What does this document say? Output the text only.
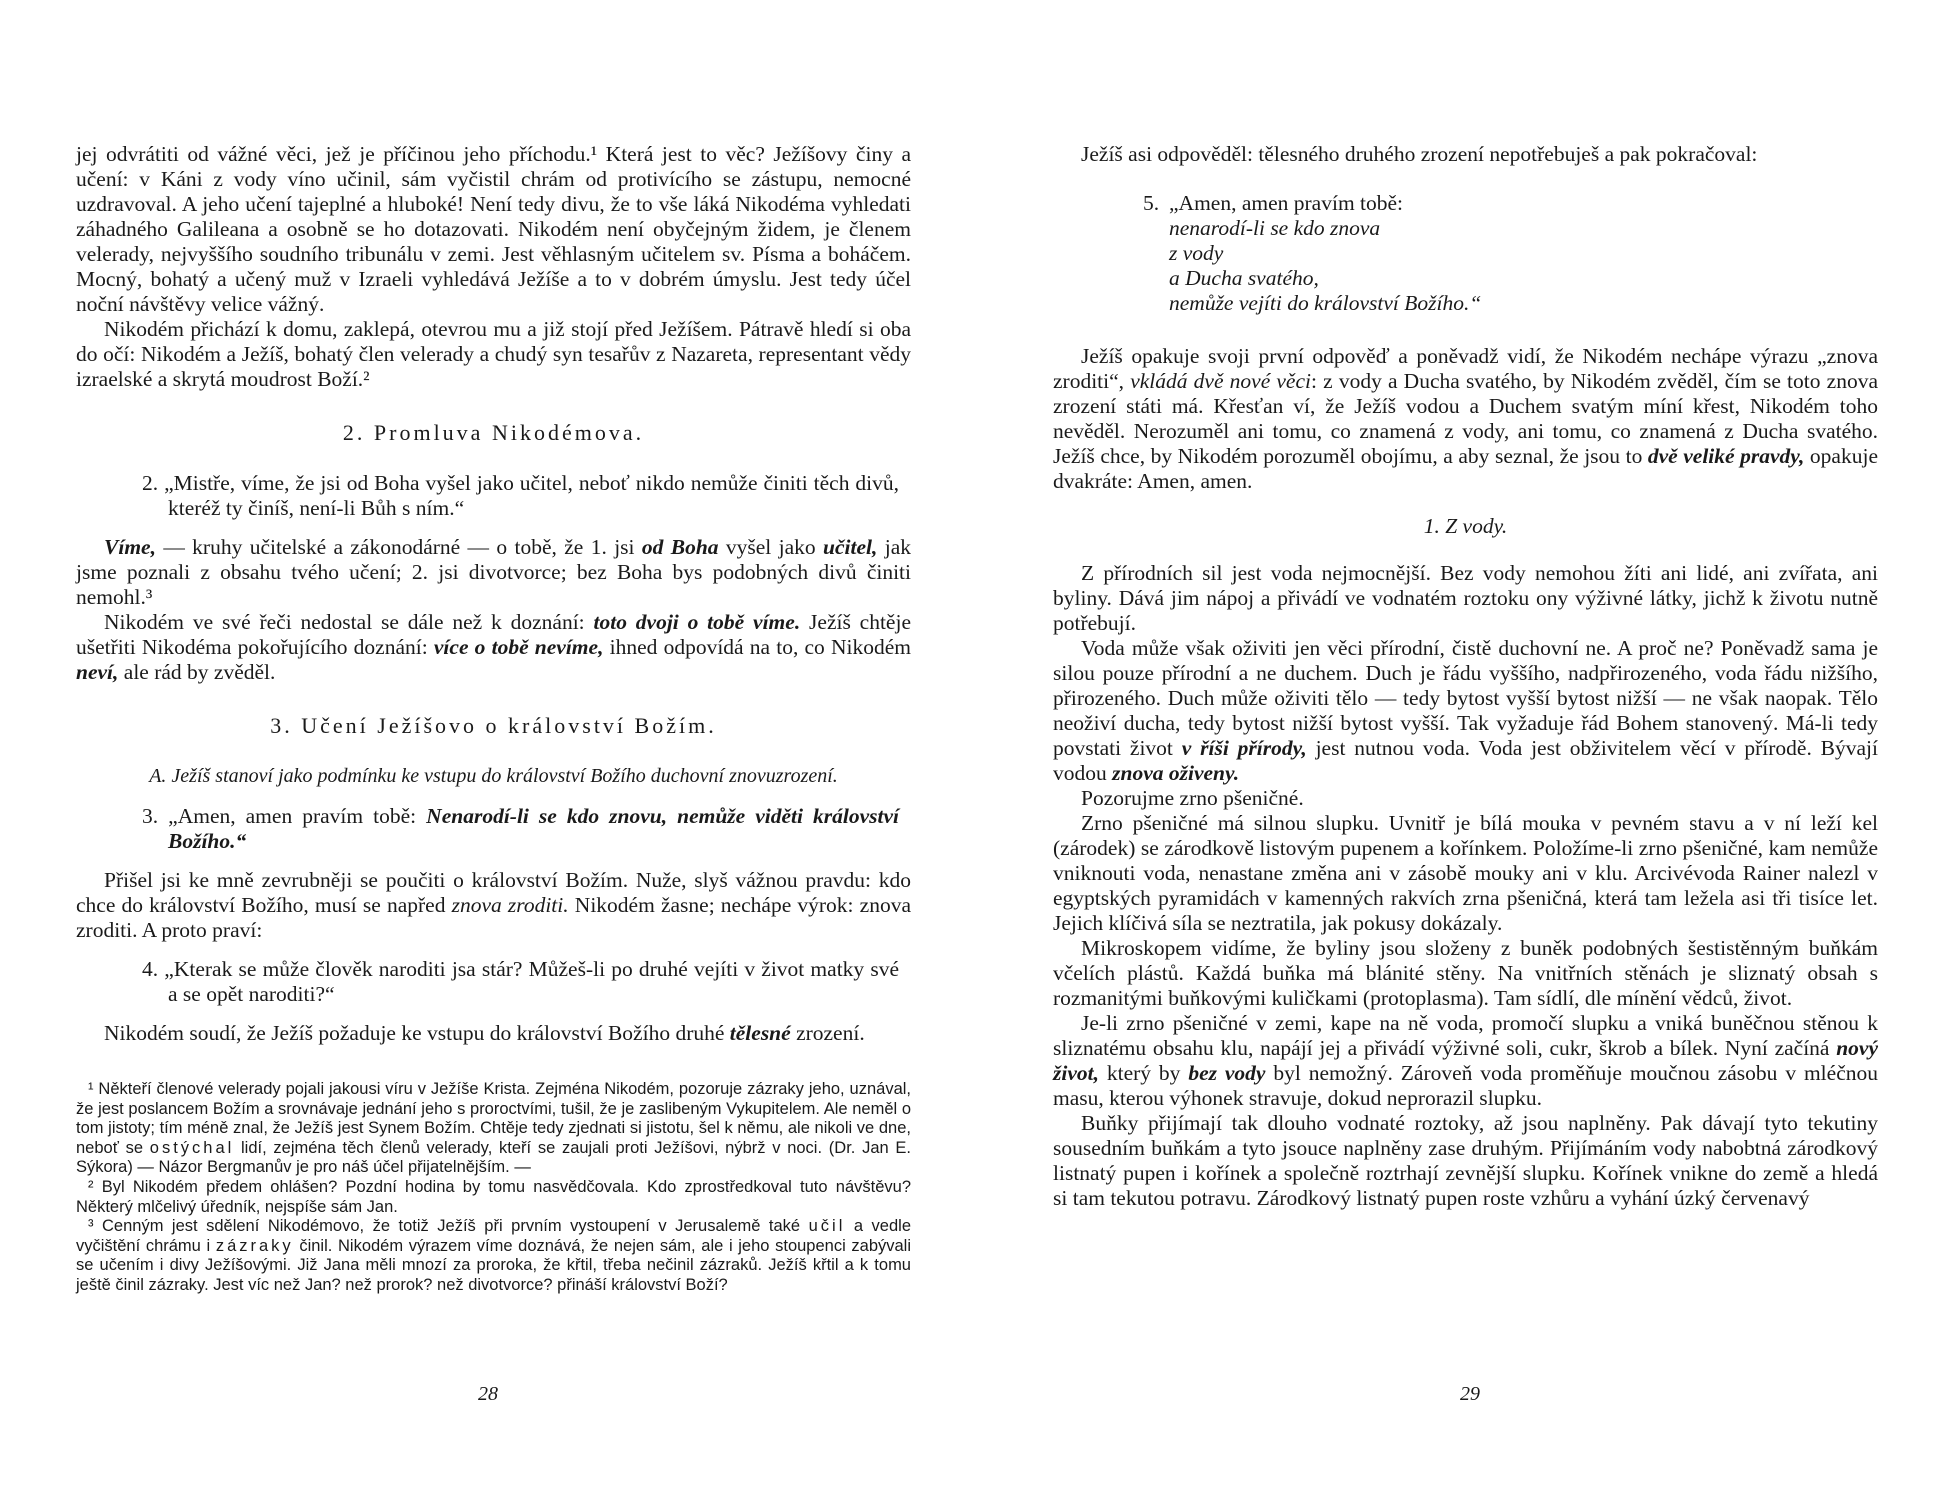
jej odvrátiti od vážné věci, jež je příčinou jeho příchodu.¹ Která jest to věc? Ježíšovy činy a učení: v Káni z vody víno učinil, sám vyčistil chrám od protivícího se zástupu, nemocné uzdravoval. A jeho učení tajeplné a hluboké! Není tedy divu, že to vše láká Nikodéma vyhledati záhadného Galileana a osobně se ho dotazovati. Nikodém není obyčejným židem, je členem velerady, nejvyššího soudního tribunálu v zemi. Jest věhlasným učitelem sv. Písma a boháčem. Mocný, bohatý a učený muž v Izraeli vyhledává Ježíše a to v dobrém úmyslu. Jest tedy účel noční návštěvy velice vážný.

Nikodém přichází k domu, zaklepá, otevrou mu a již stojí před Ježíšem. Pátravě hledí si oba do očí: Nikodém a Ježíš, bohatý člen velerady a chudý syn tesařův z Nazareta, representant vědy izraelské a skrytá moudrost Boží.²

2. Promluva Nikodémova.

2. „Mistře, víme, že jsi od Boha vyšel jako učitel, neboť nikdo nemůže činiti těch divů, kteréž ty činíš, není-li Bůh s ním.“

Víme, — kruhy učitelské a zákonodárné — o tobě, že 1. jsi od Boha vyšel jako učitel, jak jsme poznali z obsahu tvého učení; 2. jsi divotvorce; bez Boha bys podobných divů činiti nemohl.³

Nikodém ve své řeči nedostal se dále než k doznání: toto dvoji o tobě víme. Ježíš chtěje ušetřiti Nikodéma pokořujícího doznání: více o tobě nevíme, ihned odpovídá na to, co Nikodém neví, ale rád by zvěděl.

3. Učení Ježíšovo o království Božím.

A. Ježíš stanoví jako podmínku ke vstupu do království Božího duchovní znovuzrození.

3. „Amen, amen pravím tobě: Nenarodí-li se kdo znovu, nemůže viděti království Božího.“

Přišel jsi ke mně zevrubněji se poučiti o království Božím. Nuže, slyš vážnou pravdu: kdo chce do království Božího, musí se napřed znova zroditi. Nikodém žasne; nechápe výrok: znova zroditi. A proto praví:

4. „Kterak se může člověk naroditi jsa stár? Můžeš-li po druhé vejíti v život matky své a se opět naroditi?“

Nikodém soudí, že Ježíš požaduje ke vstupu do království Božího druhé tělesné zrození.

¹ Někteří členové velerady pojali jakousi víru v Ježíše Krista. Zejména Nikodém, pozoruje zázraky jeho, uznával, že jest poslancem Božím a srovnávaje jednání jeho s proroctvími, tušil, že je zaslibeným Vykupitelem. Ale neměl o tom jistoty; tím méně znal, že Ježíš jest Synem Božím. Chtěje tedy zjednati si jistotu, šel k němu, ale nikoli ve dne, neboť se ostýchal lidí, zejména těch členů velerady, kteří se zaujali proti Ježíšovi, nýbrž v noci. (Dr. Jan E. Sýkora) — Názor Bergmanův je pro náš účel přijatelnějším. —

² Byl Nikodém předem ohlášen? Pozdní hodina by tomu nasvědčovala. Kdo zprostředkoval tuto návštěvu? Některý mlčelivý úředník, nejspíše sám Jan.

³ Cenným jest sdělení Nikodémovo, že totiž Ježíš při prvním vystoupení v Jerusalemě také učil a vedle vyčištění chrámu i zázraky činil. Nikodém výrazem víme doznává, že nejen sám, ale i jeho stoupenci zabývali se učením i divy Ježíšovými. Již Jana měli mnozí za proroka, že křtil, třeba nečinil zázraků. Ježíš křtil a k tomu ještě činil zázraky. Jest víc než Jan? než prorok? než divotvorce? přináší království Boží?

28

Ježíš asi odpověděl: tělesného druhého zrození nepotřebuješ a pak pokračoval:

5. „Amen, amen pravím tobě:
nenarodí-li se kdo znova
z vody
a Ducha svatého,
nemůže vejíti do království Božího.“

Ježíš opakuje svoji první odpověď a poněvadž vidí, že Nikodém nechápe výrazu „znova zroditi“, vkládá dvě nové věci: z vody a Ducha svatého, by Nikodém zvěděl, čím se toto znova zrození státi má. Křesťan ví, že Ježíš vodou a Duchem svatým míní křest, Nikodém toho nevěděl. Nerozuměl ani tomu, co znamená z vody, ani tomu, co znamená z Ducha svatého. Ježíš chce, by Nikodém porozuměl obojímu, a aby seznal, že jsou to dvě veliké pravdy, opakuje dvakráte: Amen, amen.

1. Z vody.

Z přírodních sil jest voda nejmocnější. Bez vody nemohou žíti ani lidé, ani zvířata, ani byliny. Dává jim nápoj a přivádí ve vodnatém roztoku ony výživné látky, jichž k životu nutně potřebují.

Voda může však oživiti jen věci přírodní, čistě duchovní ne. A proč ne? Poněvadž sama je silou pouze přírodní a ne duchem. Duch je řádu vyššího, nadpřirozeného, voda řádu nižšího, přirozeného. Duch může oživiti tělo — tedy bytost vyšší bytost nižší — ne však naopak. Tělo neoživí ducha, tedy bytost nižší bytost vyšší. Tak vyžaduje řád Bohem stanovený. Má-li tedy povstati život v říši přírody, jest nutnou voda. Voda jest obživitelem věcí v přírodě. Bývají vodou znova oživeny.

Pozorujme zrno pšeničné.

Zrno pšeničné má silnou slupku. Uvnitř je bílá mouka v pevném stavu a v ní leží kel (zárodek) se zárodkově listovým pupenem a kořínkem. Položíme-li zrno pšeničné, kam nemůže vniknouti voda, nenastane změna ani v zásobě mouky ani v klu. Arcivévoda Rainer nalezl v egyptských pyramidách v kamenných rakvích zrna pšeničná, která tam ležela asi tři tisíce let. Jejich klíčivá síla se neztratila, jak pokusy dokázaly.

Mikroskopem vidíme, že byliny jsou složeny z buněk podobných šestistěnným buňkám včelích plástů. Každá buňka má blánité stěny. Na vnitřních stěnách je sliznatý obsah s rozmanitými buňkovými kuličkami (protoplasma). Tam sídlí, dle mínění vědců, život.

Je-li zrno pšeničné v zemi, kape na ně voda, promočí slupku a vniká buněčnou stěnou k sliznatému obsahu klu, napájí jej a přivádí výživné soli, cukr, škrob a bílek. Nyní začíná nový život, který by bez vody byl nemožný. Zároveň voda proměňuje moučnou zásobu v mléčnou masu, kterou výhonek stravuje, dokud neprorazil slupku.

Buňky přijímají tak dlouho vodnaté roztoky, až jsou naplněny. Pak dávají tyto tekutiny sousedním buňkám a tyto jsouce naplněny zase druhým. Přijímáním vody nabobtná zárodkový listnatý pupen i kořínek a společně roztrhají zevnější slupku. Kořínek vnikne do země a hledá si tam tekutou potravu. Zárodkový listnatý pupen roste vzhůru a vyhání úzký červenavý

29
